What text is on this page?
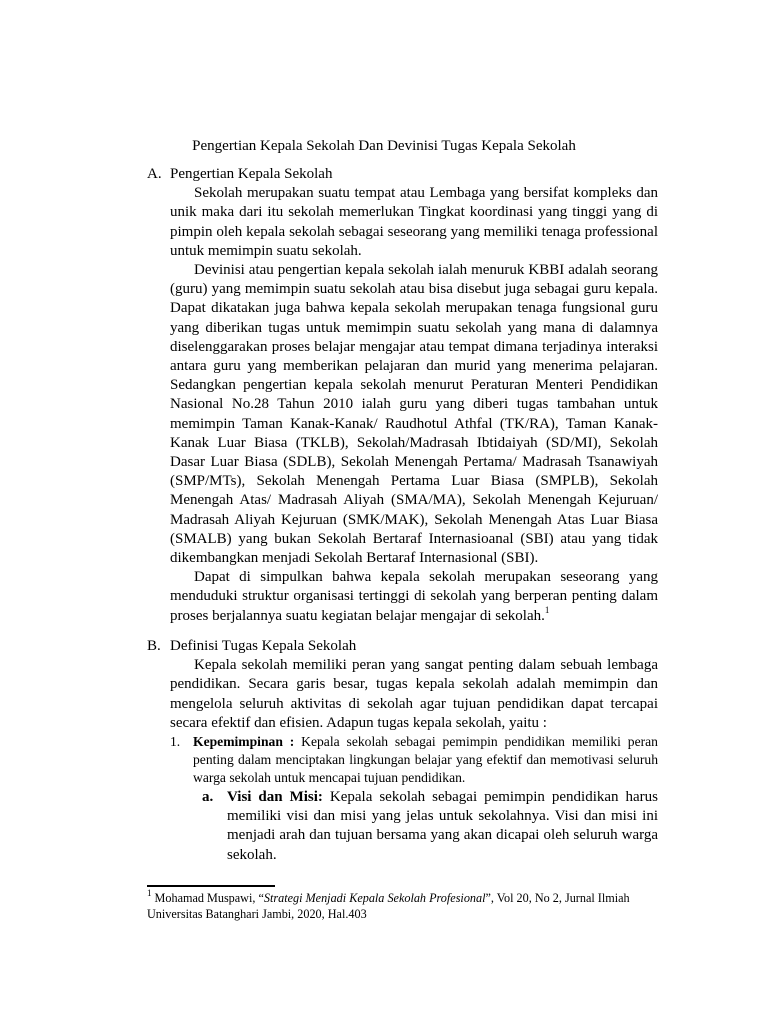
Pengertian Kepala Sekolah Dan Devinisi Tugas Kepala Sekolah
A. Pengertian Kepala Sekolah

Sekolah merupakan suatu tempat atau Lembaga yang bersifat kompleks dan unik maka dari itu sekolah memerlukan Tingkat koordinasi yang tinggi yang di pimpin oleh kepala sekolah sebagai seseorang yang memiliki tenaga professional untuk memimpin suatu sekolah.

Devinisi atau pengertian kepala sekolah ialah menuruk KBBI adalah seorang (guru) yang memimpin suatu sekolah atau bisa disebut juga sebagai guru kepala. Dapat dikatakan juga bahwa kepala sekolah merupakan tenaga fungsional guru yang diberikan tugas untuk memimpin suatu sekolah yang mana di dalamnya diselenggarakan proses belajar mengajar atau tempat dimana terjadinya interaksi antara guru yang memberikan pelajaran dan murid yang menerima pelajaran. Sedangkan pengertian kepala sekolah menurut Peraturan Menteri Pendidikan Nasional No.28 Tahun 2010 ialah guru yang diberi tugas tambahan untuk memimpin Taman Kanak-Kanak/ Raudhotul Athfal (TK/RA), Taman Kanak-Kanak Luar Biasa (TKLB), Sekolah/Madrasah Ibtidaiyah (SD/MI), Sekolah Dasar Luar Biasa (SDLB), Sekolah Menengah Pertama/ Madrasah Tsanawiyah (SMP/MTs), Sekolah Menengah Pertama Luar Biasa (SMPLB), Sekolah Menengah Atas/ Madrasah Aliyah (SMA/MA), Sekolah Menengah Kejuruan/ Madrasah Aliyah Kejuruan (SMK/MAK), Sekolah Menengah Atas Luar Biasa (SMALB) yang bukan Sekolah Bertaraf Internasioanal (SBI) atau yang tidak dikembangkan menjadi Sekolah Bertaraf Internasional (SBI).

Dapat di simpulkan bahwa kepala sekolah merupakan seseorang yang menduduki struktur organisasi tertinggi di sekolah yang berperan penting dalam proses berjalannya suatu kegiatan belajar mengajar di sekolah.$^1$

B. Definisi Tugas Kepala Sekolah

Kepala sekolah memiliki peran yang sangat penting dalam sebuah lembaga pendidikan. Secara garis besar, tugas kepala sekolah adalah memimpin dan mengelola seluruh aktivitas di sekolah agar tujuan pendidikan dapat tercapai secara efektif dan efisien. Adapun tugas kepala sekolah, yaitu :

1. Kepemimpinan : Kepala sekolah sebagai pemimpin pendidikan memiliki peran penting dalam menciptakan lingkungan belajar yang efektif dan memotivasi seluruh warga sekolah untuk mencapai tujuan pendidikan.
a. Visi dan Misi: Kepala sekolah sebagai pemimpin pendidikan harus memiliki visi dan misi yang jelas untuk sekolahnya. Visi dan misi ini menjadi arah dan tujuan bersama yang akan dicapai oleh seluruh warga sekolah.
$^1$ Mohamad Muspawi, “Strategi Menjadi Kepala Sekolah Profesional”, Vol 20, No 2, Jurnal Ilmiah Universitas Batanghari Jambi, 2020, Hal.403
